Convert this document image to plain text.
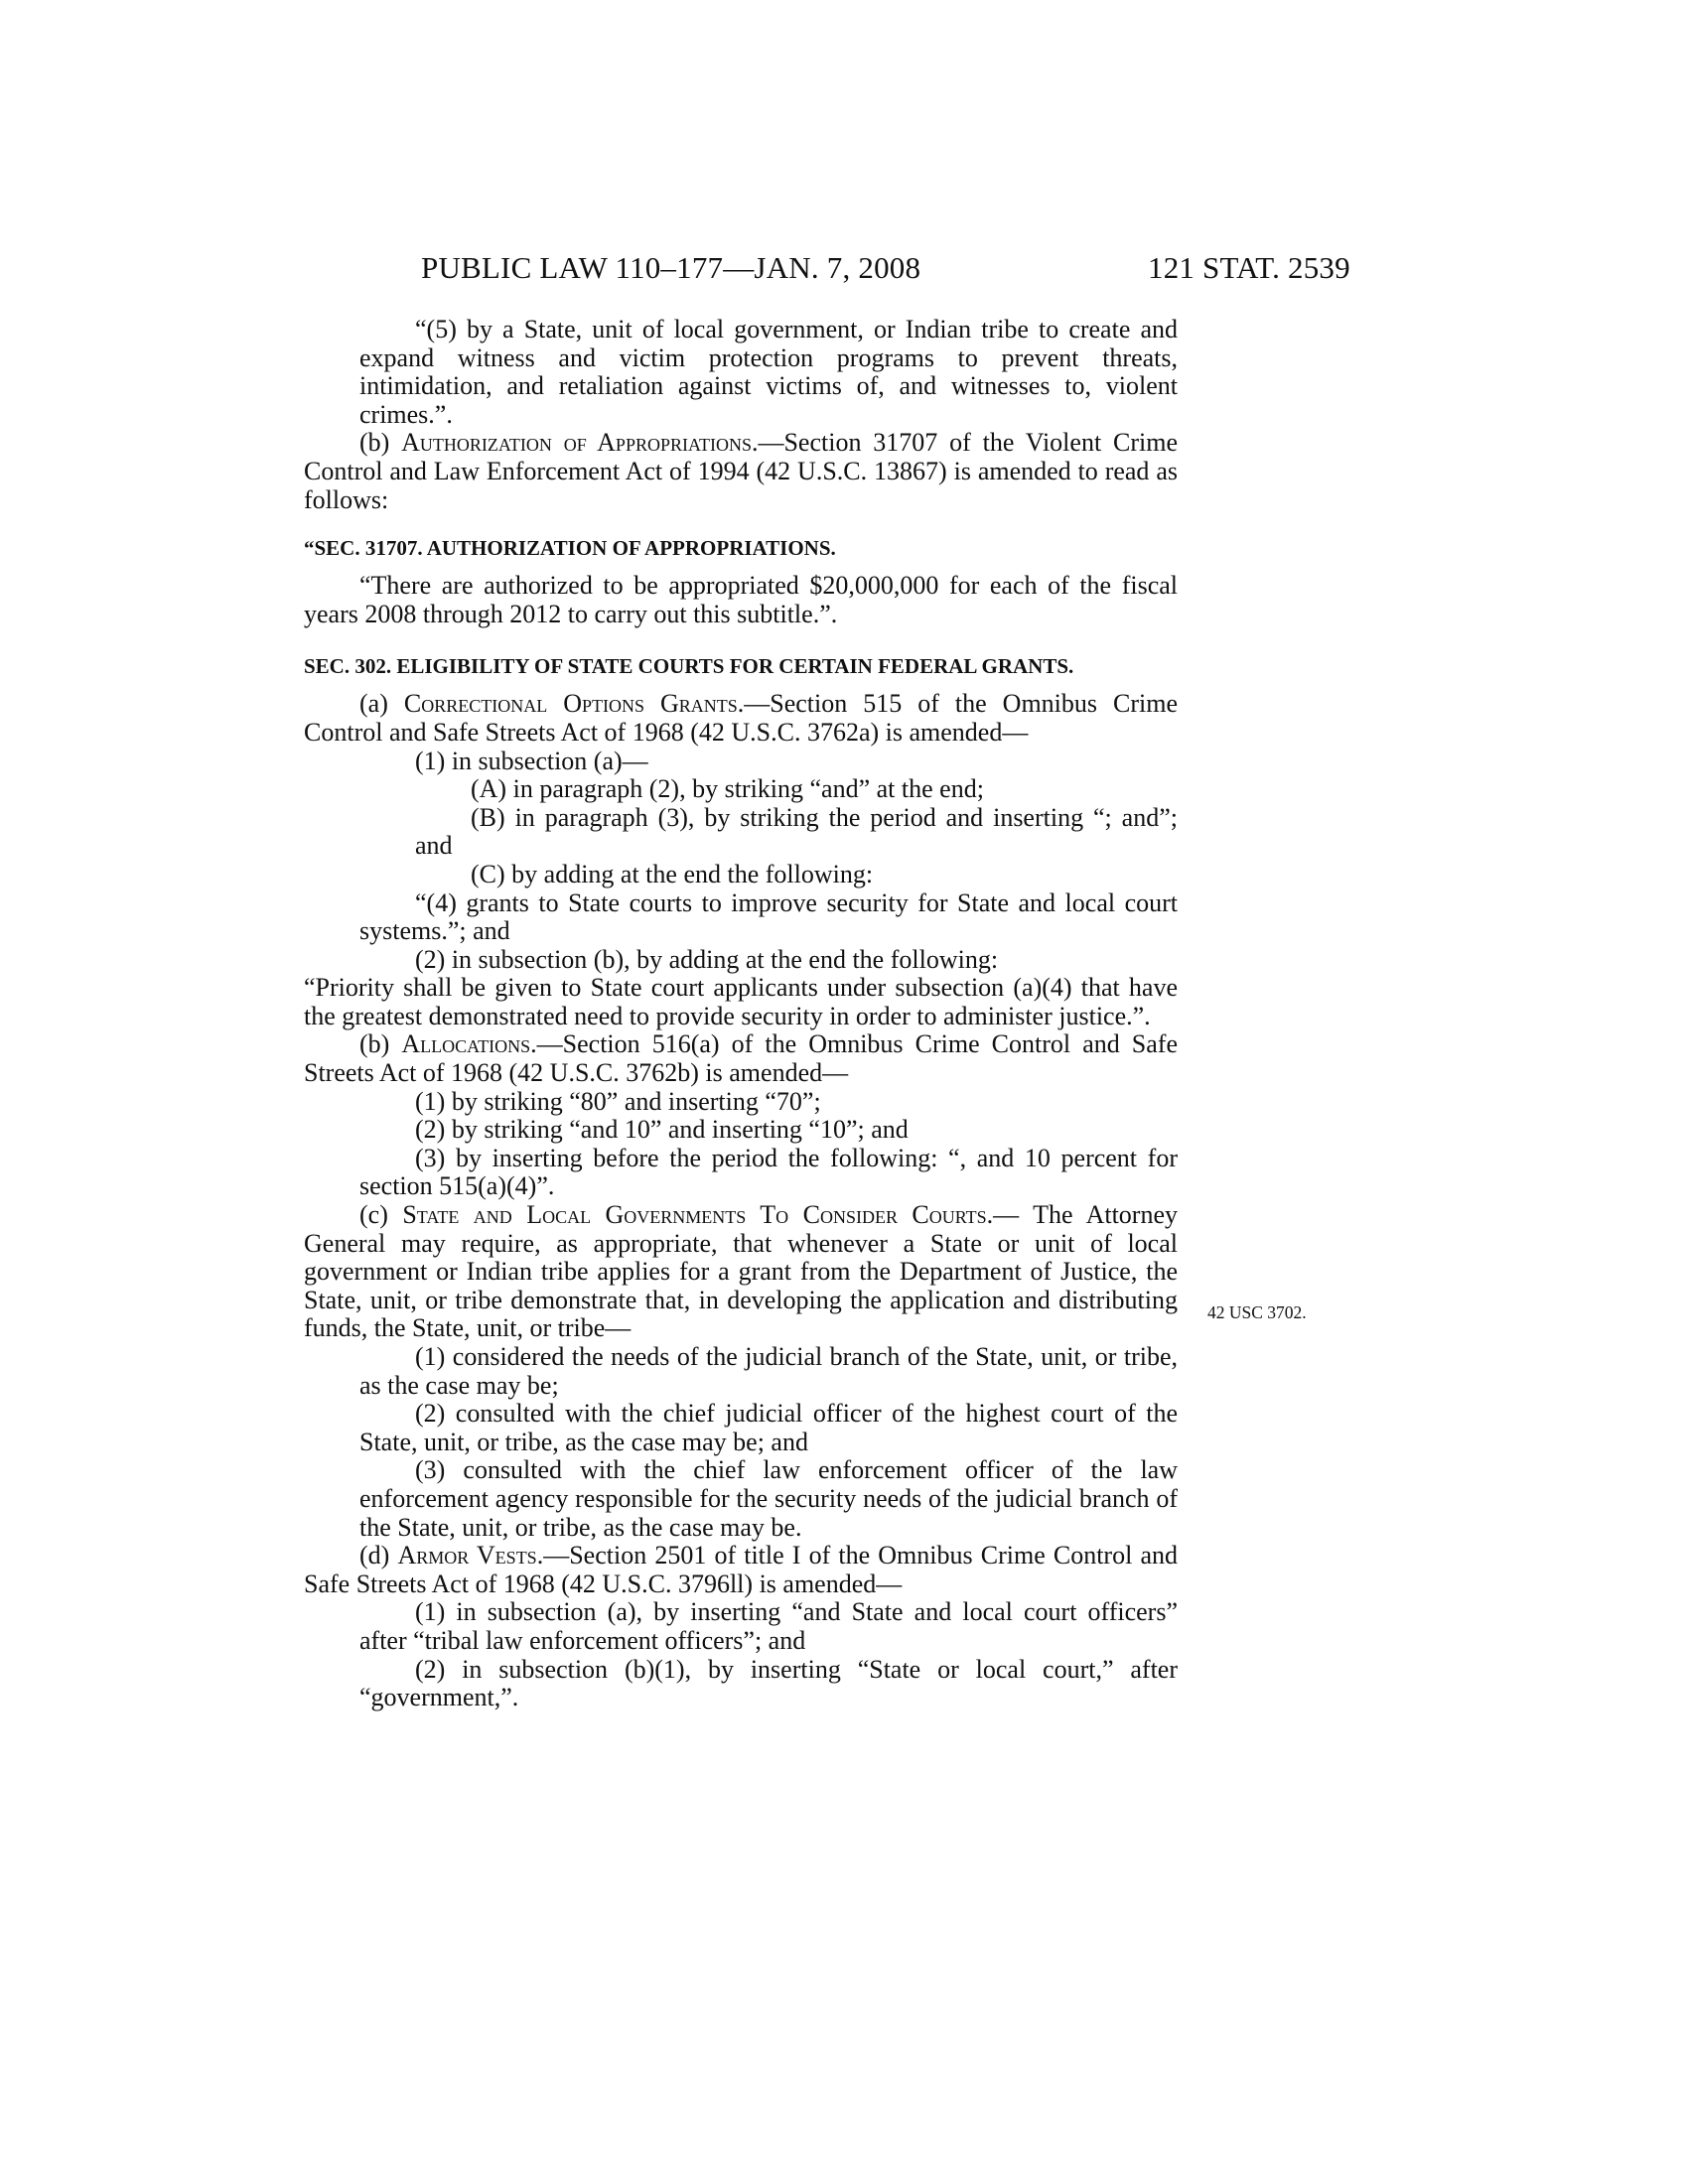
PUBLIC LAW 110–177—JAN. 7, 2008	121 STAT. 2539

“(5) by a State, unit of local government, or Indian tribe to create and expand witness and victim protection programs to prevent threats, intimidation, and retaliation against victims of, and witnesses to, violent crimes.”.

(b) Authorization of Appropriations.—Section 31707 of the Violent Crime Control and Law Enforcement Act of 1994 (42 U.S.C. 13867) is amended to read as follows:

“SEC. 31707. AUTHORIZATION OF APPROPRIATIONS.

“There are authorized to be appropriated $20,000,000 for each of the fiscal years 2008 through 2012 to carry out this subtitle.”.

SEC. 302. ELIGIBILITY OF STATE COURTS FOR CERTAIN FEDERAL GRANTS.

(a) Correctional Options Grants.—Section 515 of the Omnibus Crime Control and Safe Streets Act of 1968 (42 U.S.C. 3762a) is amended—

(1) in subsection (a)—

(A) in paragraph (2), by striking “and” at the end;

(B) in paragraph (3), by striking the period and inserting “; and”; and

(C) by adding at the end the following:

“(4) grants to State courts to improve security for State and local court systems.”; and

(2) in subsection (b), by adding at the end the following:

“Priority shall be given to State court applicants under subsection (a)(4) that have the greatest demonstrated need to provide security in order to administer justice.”.

(b) Allocations.—Section 516(a) of the Omnibus Crime Control and Safe Streets Act of 1968 (42 U.S.C. 3762b) is amended—

(1) by striking “80” and inserting “70”;

(2) by striking “and 10” and inserting “10”; and

(3) by inserting before the period the following: “, and 10 percent for section 515(a)(4)”.

(c) State and Local Governments To Consider Courts.— The Attorney General may require, as appropriate, that whenever a State or unit of local government or Indian tribe applies for a grant from the Department of Justice, the State, unit, or tribe demonstrate that, in developing the application and distributing funds, the State, unit, or tribe—

(1) considered the needs of the judicial branch of the State, unit, or tribe, as the case may be;

(2) consulted with the chief judicial officer of the highest court of the State, unit, or tribe, as the case may be; and

(3) consulted with the chief law enforcement officer of the law enforcement agency responsible for the security needs of the judicial branch of the State, unit, or tribe, as the case may be.

(d) Armor Vests.—Section 2501 of title I of the Omnibus Crime Control and Safe Streets Act of 1968 (42 U.S.C. 3796ll) is amended—

(1) in subsection (a), by inserting “and State and local court officers” after “tribal law enforcement officers”; and

(2) in subsection (b)(1), by inserting “State or local court,” after “government,”.

42 USC 3702.
